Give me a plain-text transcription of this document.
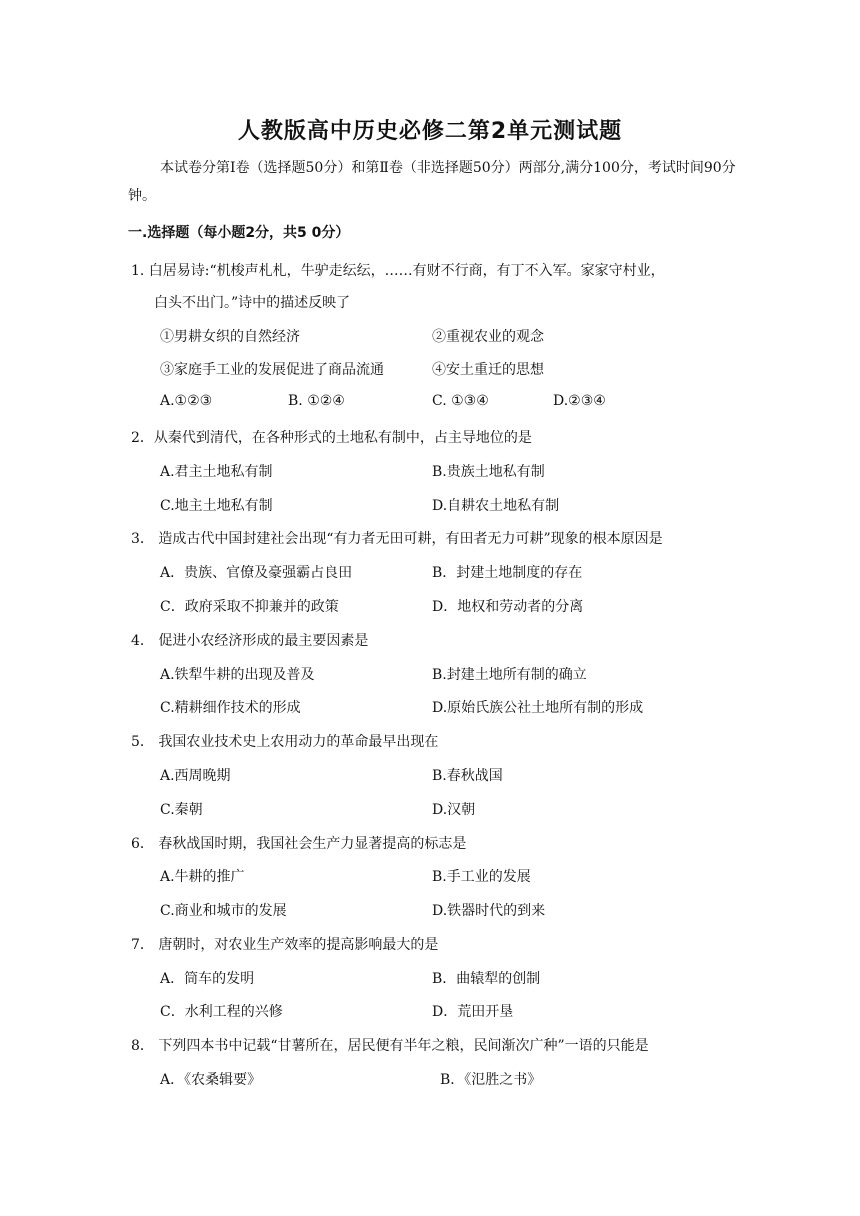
人教版高中历史必修二第2单元测试题
本试卷分第Ⅰ卷（选择题50分）和第Ⅱ卷（非选择题50分）两部分,满分100分，考试时间90分钟。
一.选择题（每小题2分，共5 0分）
1. 白居易诗:“机梭声札札，牛驴走纭纭，……有财不行商，有丁不入军。家家守村业，
白头不出门。”诗中的描述反映了
①男耕女织的自然经济	②重视农业的观念
③家庭手工业的发展促进了商品流通	④安土重迁的思想
A.①②③	B. ①②④	C. ①③④	D.②③④
2．从秦代到清代，在各种形式的土地私有制中，占主导地位的是
A.君主土地私有制	B.贵族土地私有制
C.地主土地私有制	D.自耕农土地私有制
3． 造成古代中国封建社会出现“有力者无田可耕，有田者无力可耕”现象的根本原因是
A．贵族、官僚及豪强霸占良田	B．封建土地制度的存在
C．政府采取不抑兼并的政策	D．地权和劳动者的分离
4． 促进小农经济形成的最主要因素是
A.铁犁牛耕的出现及普及	B.封建土地所有制的确立
C.精耕细作技术的形成	D.原始氏族公社土地所有制的形成
5． 我国农业技术史上农用动力的革命最早出现在
A.西周晚期	B.春秋战国
C.秦朝	D.汉朝
6． 春秋战国时期，我国社会生产力显著提高的标志是
A.牛耕的推广	B.手工业的发展
C.商业和城市的发展	D.铁器时代的到来
7． 唐朝时，对农业生产效率的提高影响最大的是
A．筒车的发明	B．曲辕犁的创制
C．水利工程的兴修	D．荒田开垦
8． 下列四本书中记载“甘薯所在，居民便有半年之粮，民间渐次广种”一语的只能是
A．《农桑辑要》	B．《氾胜之书》
